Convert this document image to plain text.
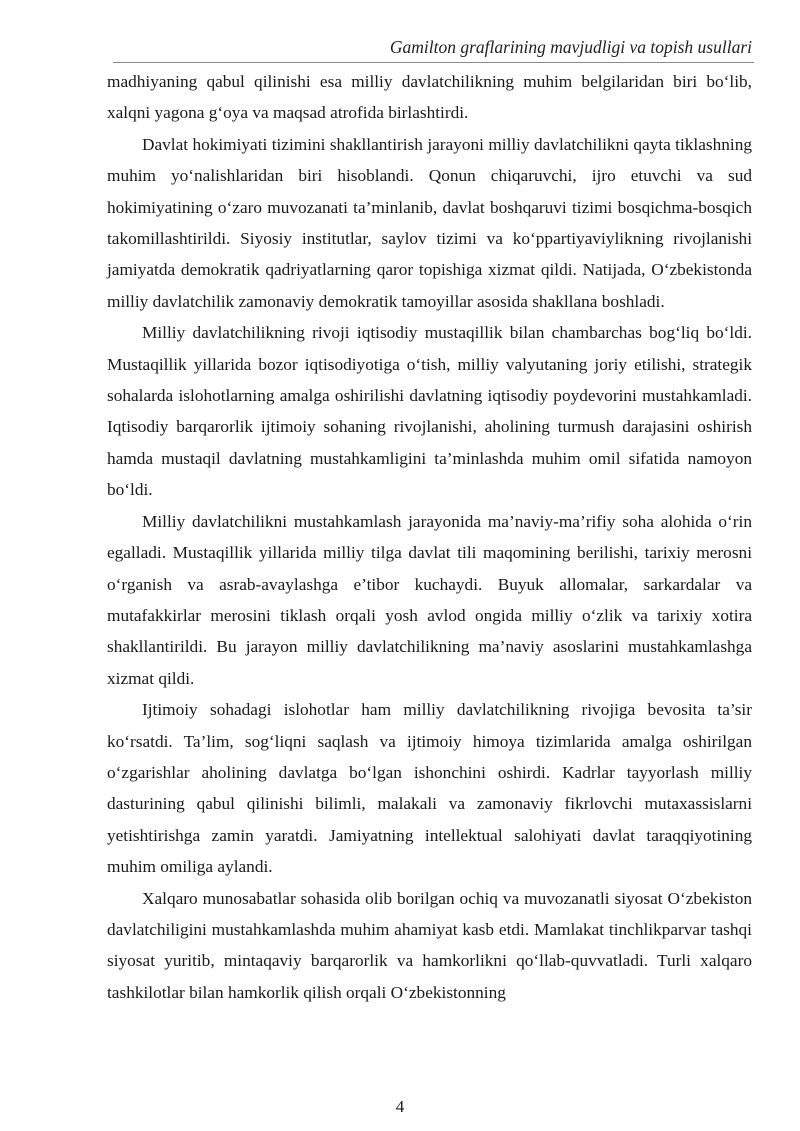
Gamilton graflarining mavjudligi va topish usullari

madhiyaning qabul qilinishi esa milliy davlatchilikning muhim belgilaridan biri bo‘lib, xalqni yagona g‘oya va maqsad atrofida birlashtirdi.

Davlat hokimiyati tizimini shakllantirish jarayoni milliy davlatchilikni qayta tiklashning muhim yo‘nalishlaridan biri hisoblandi. Qonun chiqaruvchi, ijro etuvchi va sud hokimiyatining o‘zaro muvozanati ta’minlanib, davlat boshqaruvi tizimi bosqichma-bosqich takomillashtirildi. Siyosiy institutlar, saylov tizimi va ko‘ppartiyaviylikning rivojlanishi jamiyatda demokratik qadriyatlarning qaror topishiga xizmat qildi. Natijada, O‘zbekistonda milliy davlatchilik zamonaviy demokratik tamoyillar asosida shakllana boshladi.

Milliy davlatchilikning rivoji iqtisodiy mustaqillik bilan chambarchas bog‘liq bo‘ldi. Mustaqillik yillarida bozor iqtisodiyotiga o‘tish, milliy valyutaning joriy etilishi, strategik sohalarda islohotlarning amalga oshirilishi davlatning iqtisodiy poydevorini mustahkamladi. Iqtisodiy barqarorlik ijtimoiy sohaning rivojlanishi, aholining turmush darajasini oshirish hamda mustaqil davlatning mustahkamligini ta’minlashda muhim omil sifatida namoyon bo‘ldi.

Milliy davlatchilikni mustahkamlash jarayonida ma’naviy-ma’rifiy soha alohida o‘rin egalladi. Mustaqillik yillarida milliy tilga davlat tili maqomining berilishi, tarixiy merosni o‘rganish va asrab-avaylashga e’tibor kuchaydi. Buyuk allomalar, sarkardalar va mutafakkirlar merosini tiklash orqali yosh avlod ongida milliy o‘zlik va tarixiy xotira shakllantirildi. Bu jarayon milliy davlatchilikning ma’naviy asoslarini mustahkamlashga xizmat qildi.

Ijtimoiy sohadagi islohotlar ham milliy davlatchilikning rivojiga bevosita ta’sir ko‘rsatdi. Ta’lim, sog‘liqni saqlash va ijtimoiy himoya tizimlarida amalga oshirilgan o‘zgarishlar aholining davlatga bo‘lgan ishonchini oshirdi. Kadrlar tayyorlash milliy dasturining qabul qilinishi bilimli, malakali va zamonaviy fikrlovchi mutaxassislarni yetishtirishga zamin yaratdi. Jamiyatning intellektual salohiyati davlat taraqqiyotining muhim omiliga aylandi.

Xalqaro munosabatlar sohasida olib borilgan ochiq va muvozanatli siyosat O‘zbekiston davlatchiligini mustahkamlashda muhim ahamiyat kasb etdi. Mamlakat tinchlikparvar tashqi siyosat yuritib, mintaqaviy barqarorlik va hamkorlikni qo‘llab-quvvatladi. Turli xalqaro tashkilotlar bilan hamkorlik qilish orqali O‘zbekistonning

4
